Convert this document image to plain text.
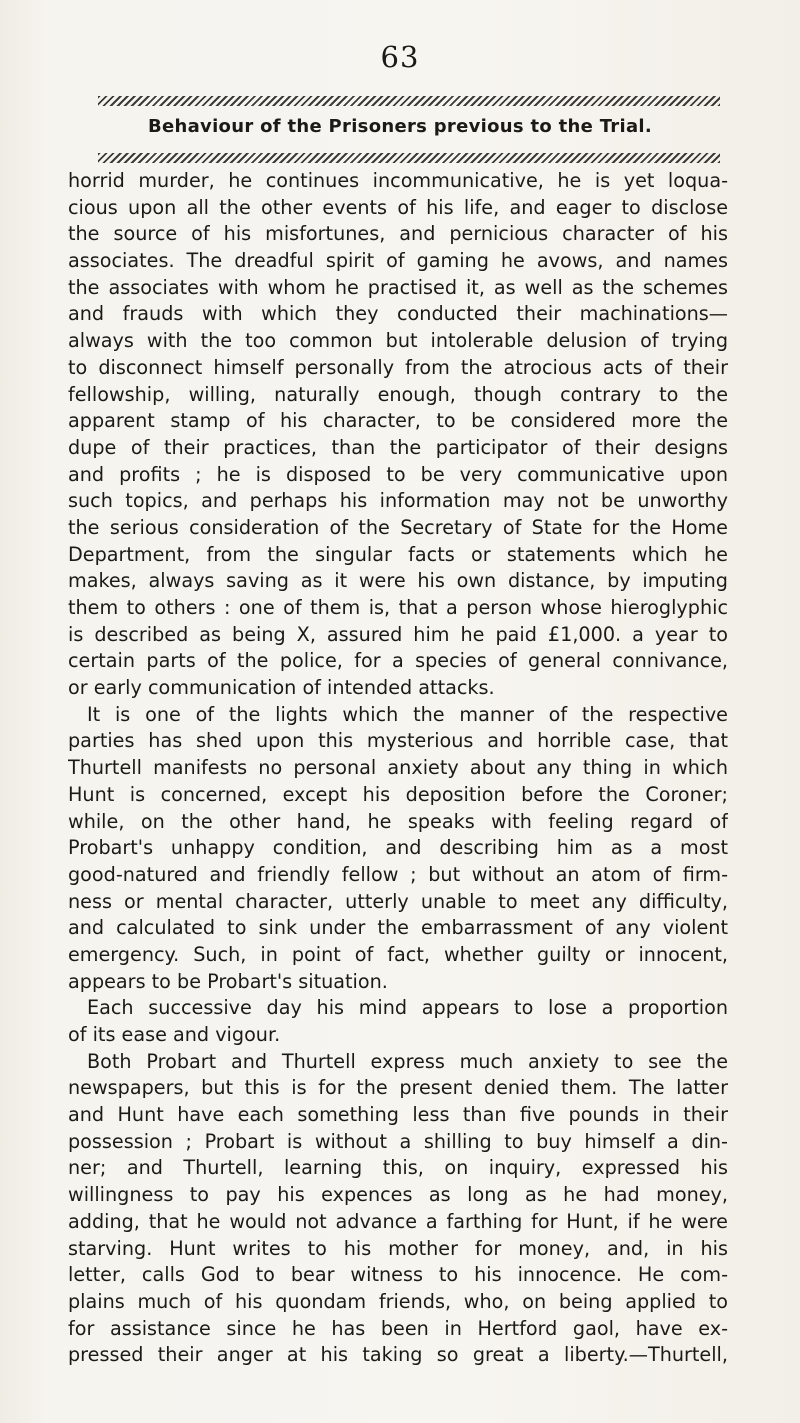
63
Behaviour of the Prisoners previous to the Trial.
horrid murder, he continues incommunicative, he is yet loqua-
cious upon all the other events of his life, and eager to disclose
the source of his misfortunes, and pernicious character of his
associates. The dreadful spirit of gaming he avows, and names
the associates with whom he practised it, as well as the schemes
and frauds with which they conducted their machinations—
always with the too common but intolerable delusion of trying
to disconnect himself personally from the atrocious acts of their
fellowship, willing, naturally enough, though contrary to the
apparent stamp of his character, to be considered more the
dupe of their practices, than the participator of their designs
and profits ; he is disposed to be very communicative upon
such topics, and perhaps his information may not be unworthy
the serious consideration of the Secretary of State for the Home
Department, from the singular facts or statements which he
makes, always saving as it were his own distance, by imputing
them to others : one of them is, that a person whose hieroglyphic
is described as being X, assured him he paid £1,000. a year to
certain parts of the police, for a species of general connivance,
or early communication of intended attacks.
It is one of the lights which the manner of the respective
parties has shed upon this mysterious and horrible case, that
Thurtell manifests no personal anxiety about any thing in which
Hunt is concerned, except his deposition before the Coroner;
while, on the other hand, he speaks with feeling regard of
Probart's unhappy condition, and describing him as a most
good-natured and friendly fellow ; but without an atom of firm-
ness or mental character, utterly unable to meet any difficulty,
and calculated to sink under the embarrassment of any violent
emergency. Such, in point of fact, whether guilty or innocent,
appears to be Probart's situation.
Each successive day his mind appears to lose a proportion
of its ease and vigour.
Both Probart and Thurtell express much anxiety to see the
newspapers, but this is for the present denied them. The latter
and Hunt have each something less than five pounds in their
possession ; Probart is without a shilling to buy himself a din-
ner; and Thurtell, learning this, on inquiry, expressed his
willingness to pay his expences as long as he had money,
adding, that he would not advance a farthing for Hunt, if he were
starving. Hunt writes to his mother for money, and, in his
letter, calls God to bear witness to his innocence. He com-
plains much of his quondam friends, who, on being applied to
for assistance since he has been in Hertford gaol, have ex-
pressed their anger at his taking so great a liberty.—Thurtell,
